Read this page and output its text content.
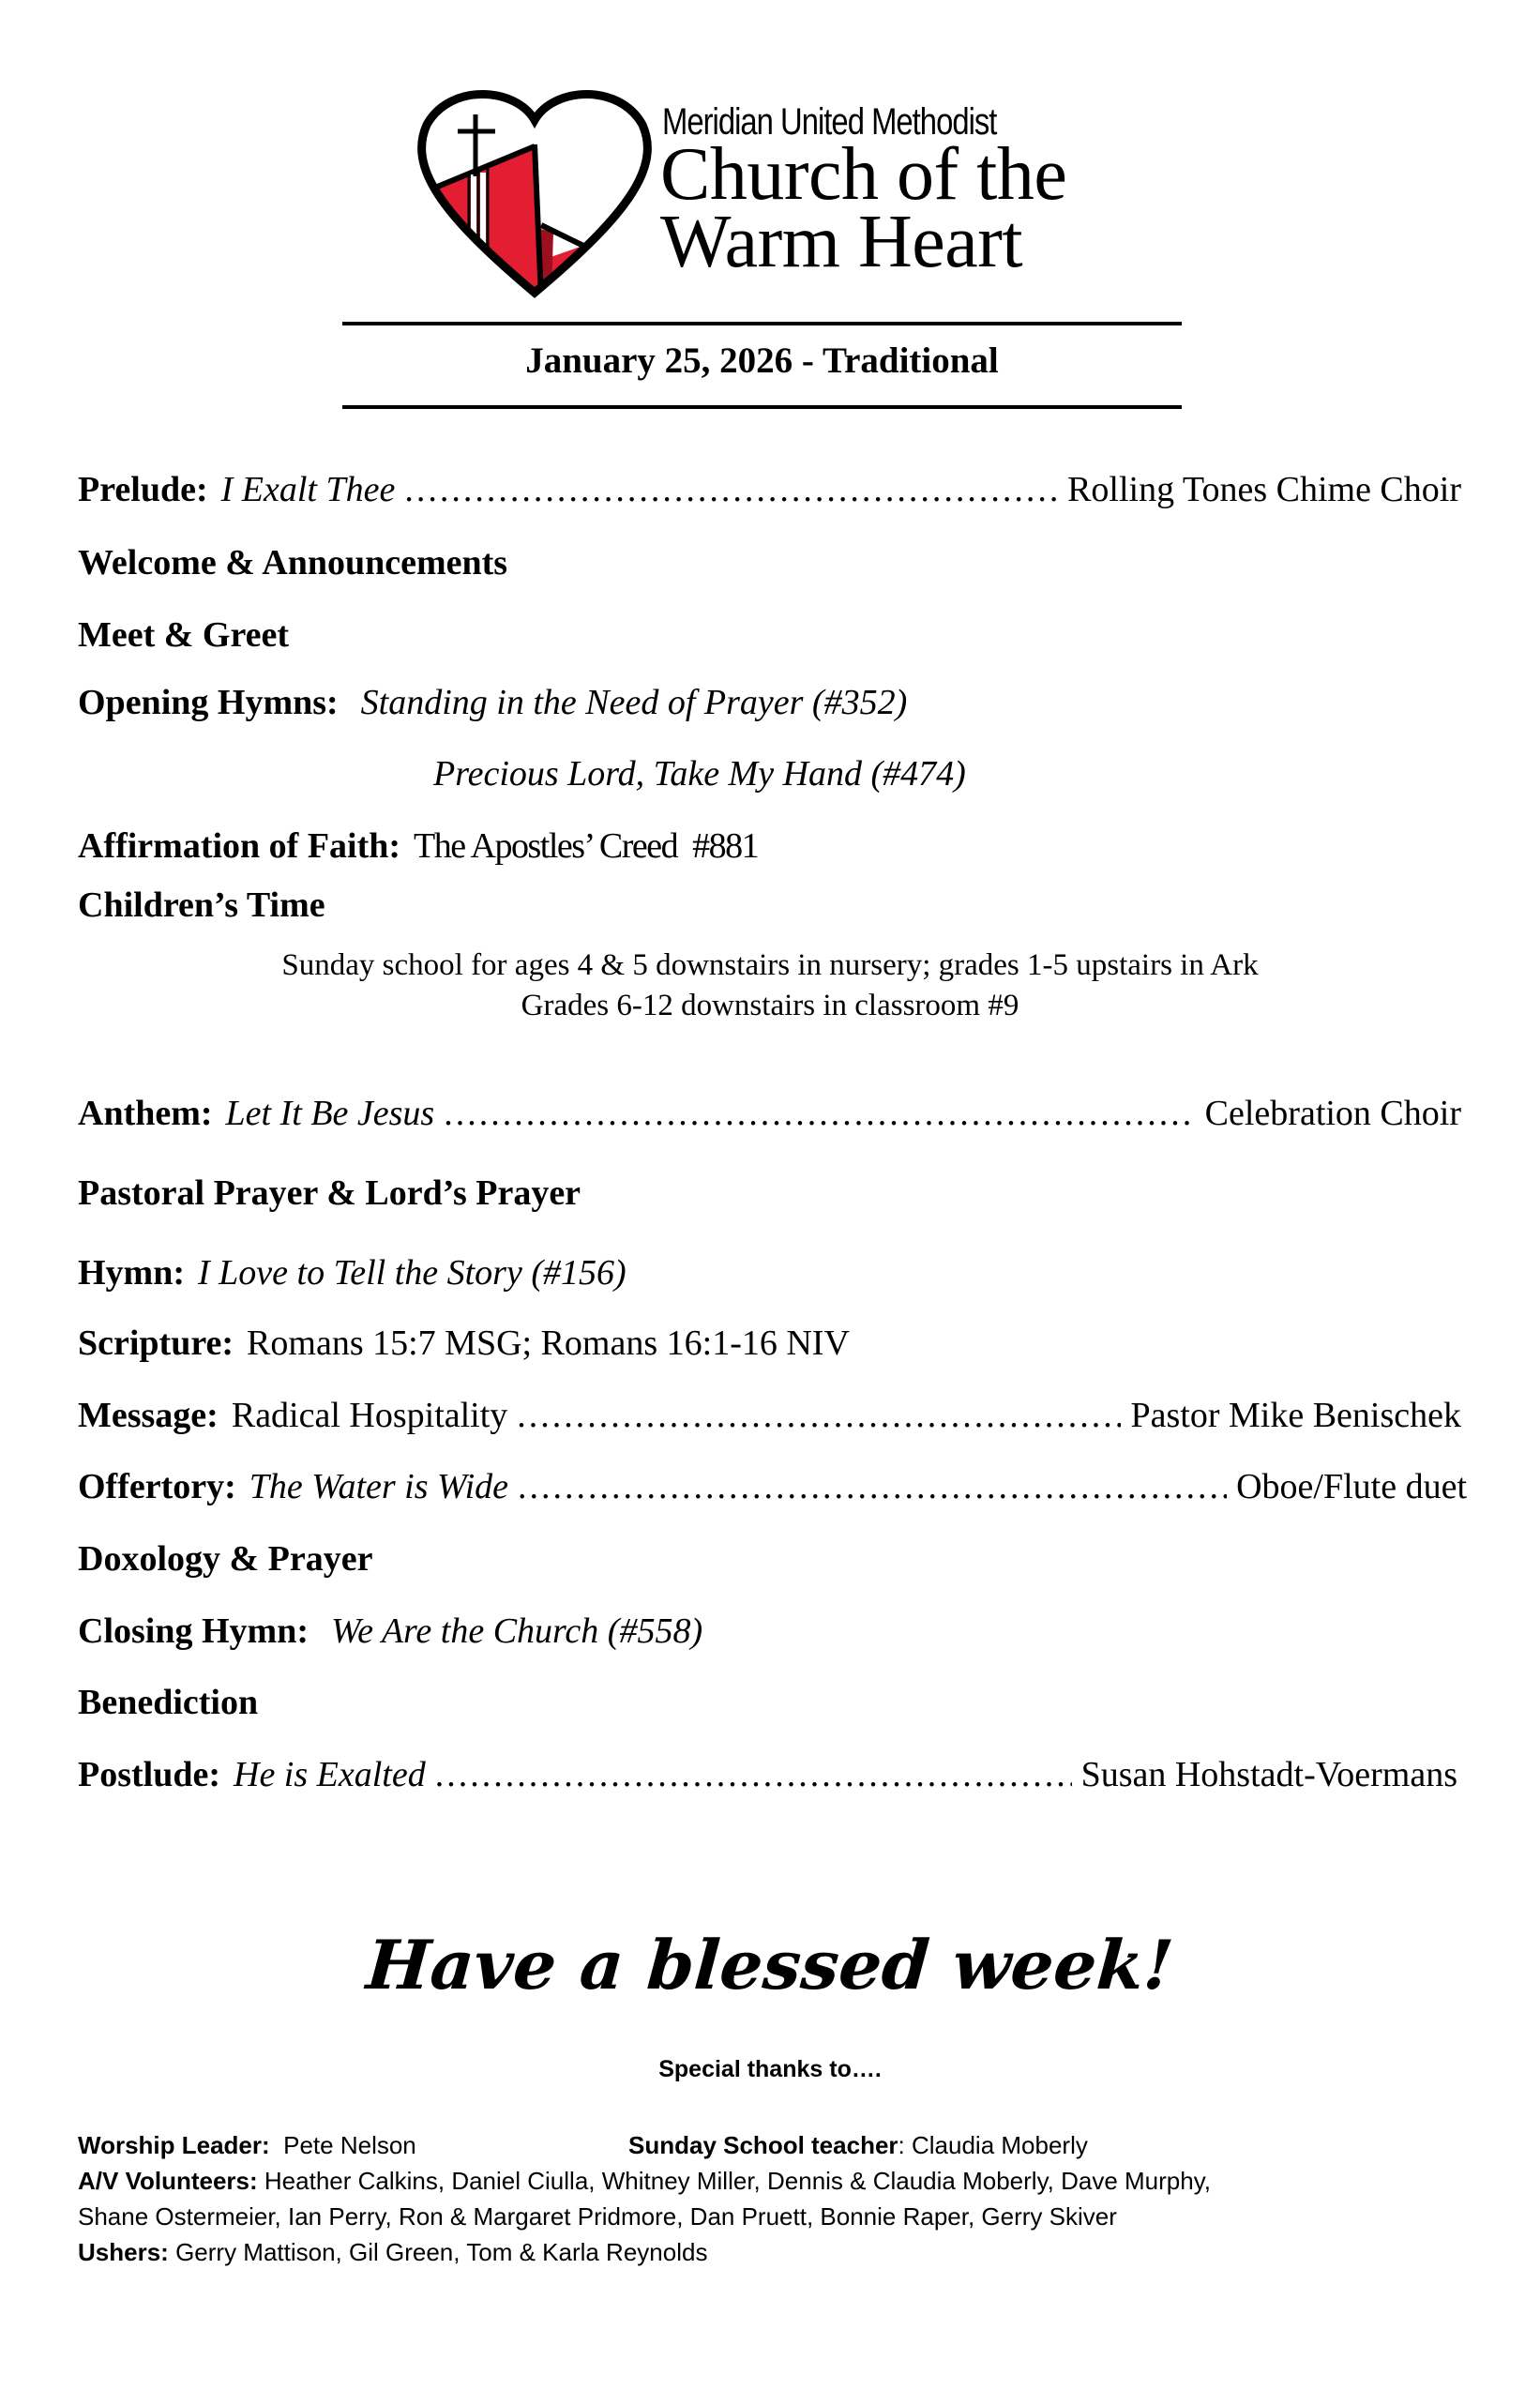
Meridian United Methodist
Church of the
Warm Heart
January 25, 2026 - Traditional
Prelude: I Exalt Thee .....	Rolling Tones Chime Choir
Welcome & Announcements
Meet & Greet
Opening Hymns: Standing in the Need of Prayer (#352)
Precious Lord, Take My Hand (#474)
Affirmation of Faith: The Apostles’ Creed  #881
Children’s Time
Sunday school for ages 4 & 5 downstairs in nursery; grades 1-5 upstairs in Ark
Grades 6-12 downstairs in classroom #9
Anthem: Let It Be Jesus .....	Celebration Choir
Pastoral Prayer & Lord’s Prayer
Hymn: I Love to Tell the Story (#156)
Scripture: Romans 15:7 MSG; Romans 16:1-16 NIV
Message: Radical Hospitality .....	Pastor Mike Benischek
Offertory: The Water is Wide .....	Oboe/Flute duet
Doxology & Prayer
Closing Hymn: We Are the Church (#558)
Benediction
Postlude: He is Exalted .....	Susan Hohstadt-Voermans
Have a blessed week!
Special thanks to….
Worship Leader: Pete Nelson	Sunday School teacher: Claudia Moberly
A/V Volunteers: Heather Calkins, Daniel Ciulla, Whitney Miller, Dennis & Claudia Moberly, Dave Murphy,
Shane Ostermeier, Ian Perry, Ron & Margaret Pridmore, Dan Pruett, Bonnie Raper, Gerry Skiver
Ushers: Gerry Mattison, Gil Green, Tom & Karla Reynolds
